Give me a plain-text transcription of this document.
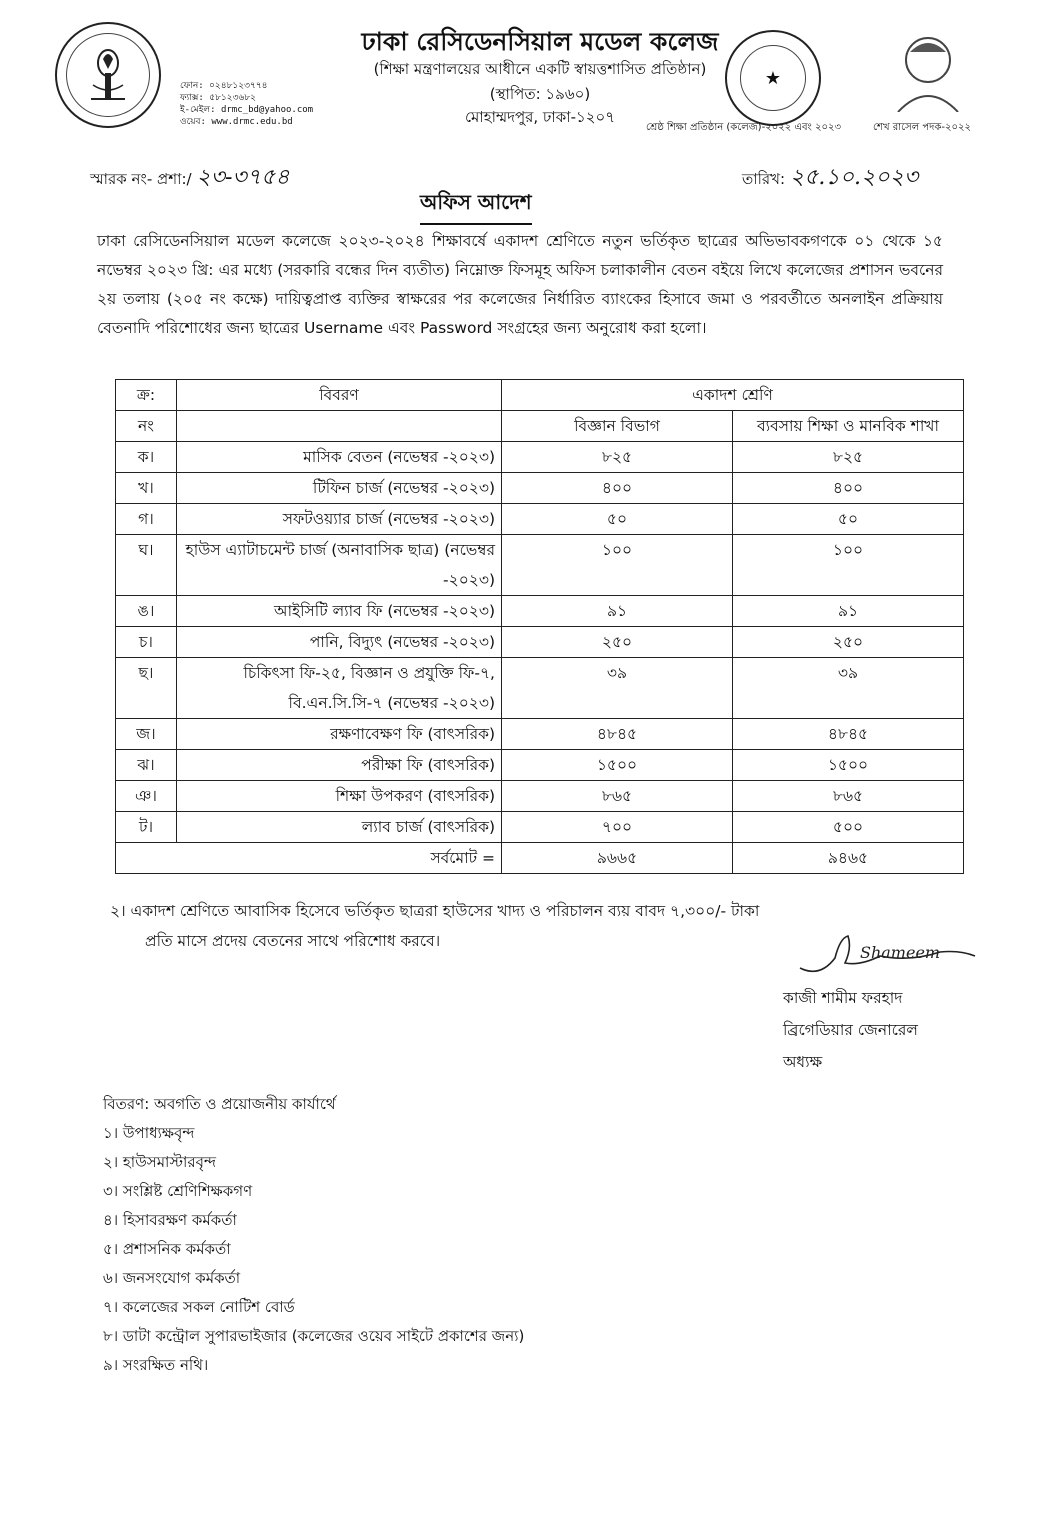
ফোন: ০২৪৮১২৩৭৭৪
ফ্যাক্স: ৫৮১২৩৬৮২
ই-মেইল: drmc_bd@yahoo.com
ওয়েব: www.drmc.edu.bd
ঢাকা রেসিডেনসিয়াল মডেল কলেজ
(শিক্ষা মন্ত্রণালয়ের আধীনে একটি স্বায়ত্তশাসিত প্রতিষ্ঠান)
(স্থাপিত: ১৯৬০)
মোহাম্মদপুর, ঢাকা-১২০৭
★
শ্রেষ্ঠ শিক্ষা প্রতিষ্ঠান (কলেজ)-২০২২ এবং ২০২৩	শেখ রাসেল পদক-২০২২
স্মারক নং- প্রশা:/ ২৩-৩৭৫৪	তারিখ: ২৫.১০.২০২৩
অফিস আদেশ
ঢাকা রেসিডেনসিয়াল মডেল কলেজে ২০২৩-২০২৪ শিক্ষাবর্ষে একাদশ শ্রেণিতে নতুন ভর্তিকৃত ছাত্রের অভিভাবকগণকে ০১ থেকে ১৫ নভেম্বর ২০২৩ খ্রি: এর মধ্যে (সরকারি বন্ধের দিন ব্যতীত) নিম্নোক্ত ফিসমূহ অফিস চলাকালীন বেতন বইয়ে লিখে কলেজের প্রশাসন ভবনের ২য় তলায় (২০৫ নং কক্ষে) দায়িত্বপ্রাপ্ত ব্যক্তির স্বাক্ষরের পর কলেজের নির্ধারিত ব্যাংকের হিসাবে জমা ও পরবর্তীতে অনলাইন প্রক্রিয়ায় বেতনাদি পরিশোধের জন্য ছাত্রের Username এবং Password সংগ্রহের জন্য অনুরোধ করা হলো।
ক্র:	বিবরণ	একাদশ শ্রেণি	
নং		বিজ্ঞান বিভাগ	ব্যবসায় শিক্ষা ও মানবিক শাখা
ক।	মাসিক বেতন (নভেম্বর -২০২৩)	৮২৫	৮২৫
খ।	টিফিন চার্জ (নভেম্বর -২০২৩)	৪০০	৪০০
গ।	সফটওয়্যার চার্জ (নভেম্বর -২০২৩)	৫০	৫০
ঘ।	হাউস এ্যাটাচমেন্ট চার্জ (অনাবাসিক ছাত্র) (নভেম্বর -২০২৩)	১০০	১০০
ঙ।	আইসিটি ল্যাব ফি (নভেম্বর -২০২৩)	৯১	৯১
চ।	পানি, বিদ্যুৎ (নভেম্বর -২০২৩)	২৫০	২৫০
ছ।	চিকিৎসা ফি-২৫, বিজ্ঞান ও প্রযুক্তি ফি-৭, বি.এন.সি.সি-৭ (নভেম্বর -২০২৩)	৩৯	৩৯
জ।	রক্ষণাবেক্ষণ ফি (বাৎসরিক)	৪৮৪৫	৪৮৪৫
ঝ।	পরীক্ষা ফি (বাৎসরিক)	১৫০০	১৫০০
ঞ।	শিক্ষা উপকরণ (বাৎসরিক)	৮৬৫	৮৬৫
ট।	ল্যাব চার্জ (বাৎসরিক)	৭০০	৫০০
সর্বমোট =		৯৬৬৫	৯৪৬৫
২। একাদশ শ্রেণিতে আবাসিক হিসেবে ভর্তিকৃত ছাত্ররা হাউসের খাদ্য ও পরিচালন ব্যয় বাবদ ৭,৩০০/- টাকা
প্রতি মাসে প্রদেয় বেতনের সাথে পরিশোধ করবে।
Shameem
কাজী শামীম ফরহাদ
ব্রিগেডিয়ার জেনারেল
অধ্যক্ষ
বিতরণ: অবগতি ও প্রয়োজনীয় কার্যার্থে
১। উপাধ্যক্ষবৃন্দ
২। হাউসমাস্টারবৃন্দ
৩। সংশ্লিষ্ট শ্রেণিশিক্ষকগণ
৪। হিসাবরক্ষণ কর্মকর্তা
৫। প্রশাসনিক কর্মকর্তা
৬। জনসংযোগ কর্মকর্তা
৭। কলেজের সকল নোটিশ বোর্ড
৮। ডাটা কন্ট্রোল সুপারভাইজার (কলেজের ওয়েব সাইটে প্রকাশের জন্য)
৯। সংরক্ষিত নথি।
